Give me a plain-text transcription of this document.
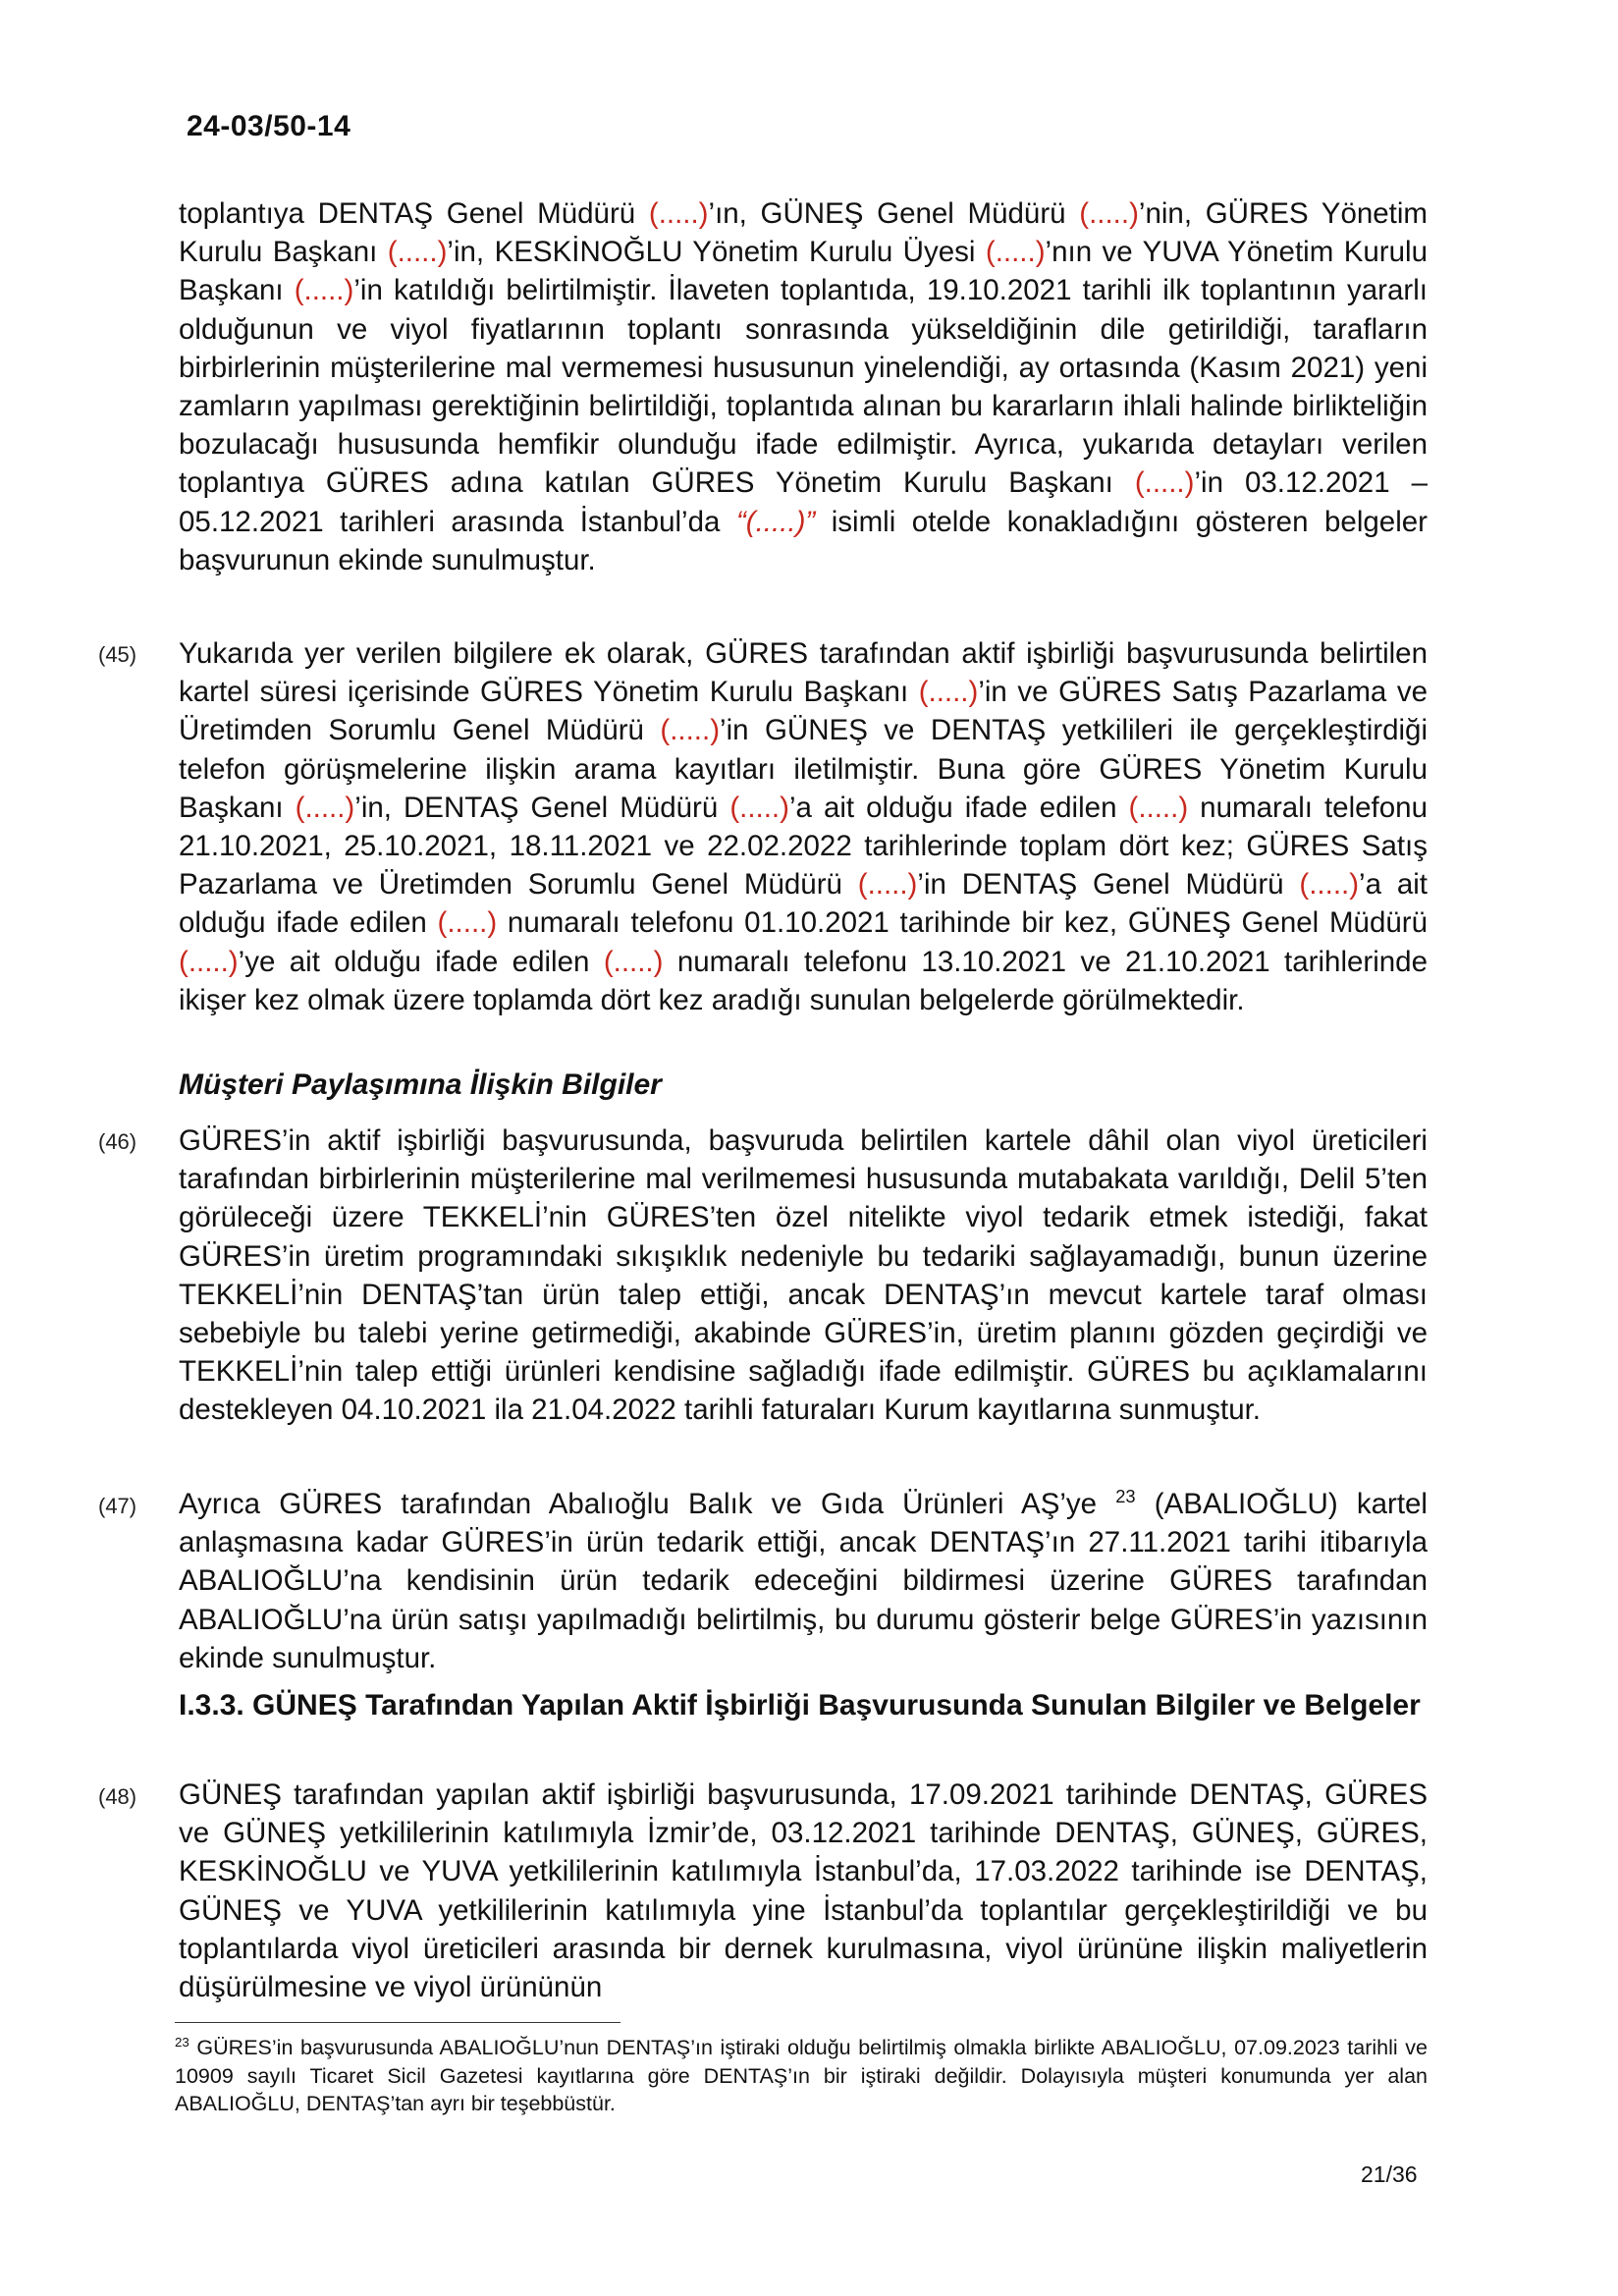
24-03/50-14
toplantıya DENTAŞ Genel Müdürü (.....)’ın, GÜNEŞ Genel Müdürü (.....)’nin, GÜRES Yönetim Kurulu Başkanı (.....)’in, KESKİNOĞLU Yönetim Kurulu Üyesi (.....)’nın ve YUVA Yönetim Kurulu Başkanı (.....)’in katıldığı belirtilmiştir. İlaveten toplantıda, 19.10.2021 tarihli ilk toplantının yararlı olduğunun ve viyol fiyatlarının toplantı sonrasında yükseldiğinin dile getirildiği, tarafların birbirlerinin müşterilerine mal vermemesi hususunun yinelendiği, ay ortasında (Kasım 2021) yeni zamların yapılması gerektiğinin belirtildiği, toplantıda alınan bu kararların ihlali halinde birlikteliğin bozulacağı hususunda hemfikir olunduğu ifade edilmiştir. Ayrıca, yukarıda detayları verilen toplantıya GÜRES adına katılan GÜRES Yönetim Kurulu Başkanı (.....)’in 03.12.2021 – 05.12.2021 tarihleri arasında İstanbul’da “(.....)” isimli otelde konakladığını gösteren belgeler başvurunun ekinde sunulmuştur.
(45) Yukarıda yer verilen bilgilere ek olarak, GÜRES tarafından aktif işbirliği başvurusunda belirtilen kartel süresi içerisinde GÜRES Yönetim Kurulu Başkanı (.....)’in ve GÜRES Satış Pazarlama ve Üretimden Sorumlu Genel Müdürü (.....)’in GÜNEŞ ve DENTAŞ yetkilileri ile gerçekleştirdiği telefon görüşmelerine ilişkin arama kayıtları iletilmiştir. Buna göre GÜRES Yönetim Kurulu Başkanı (.....)’in, DENTAŞ Genel Müdürü (.....)’a ait olduğu ifade edilen (.....) numaralı telefonu 21.10.2021, 25.10.2021, 18.11.2021 ve 22.02.2022 tarihlerinde toplam dört kez; GÜRES Satış Pazarlama ve Üretimden Sorumlu Genel Müdürü (.....)’in DENTAŞ Genel Müdürü (.....)’a ait olduğu ifade edilen (.....) numaralı telefonu 01.10.2021 tarihinde bir kez, GÜNEŞ Genel Müdürü (.....)’ye ait olduğu ifade edilen (.....) numaralı telefonu 13.10.2021 ve 21.10.2021 tarihlerinde ikişer kez olmak üzere toplamda dört kez aradığı sunulan belgelerde görülmektedir.
Müşteri Paylaşımına İlişkin Bilgiler
(46) GÜRES’in aktif işbirliği başvurusunda, başvuruda belirtilen kartele dâhil olan viyol üreticileri tarafından birbirlerinin müşterilerine mal verilmemesi hususunda mutabakata varıldığı, Delil 5’ten görüleceği üzere TEKKELİ’nin GÜRES’ten özel nitelikte viyol tedarik etmek istediği, fakat GÜRES’in üretim programındaki sıkışıklık nedeniyle bu tedariki sağlayamadığı, bunun üzerine TEKKELİ’nin DENTAŞ’tan ürün talep ettiği, ancak DENTAŞ’ın mevcut kartele taraf olması sebebiyle bu talebi yerine getirmediği, akabinde GÜRES’in, üretim planını gözden geçirdiği ve TEKKELİ’nin talep ettiği ürünleri kendisine sağladığı ifade edilmiştir. GÜRES bu açıklamalarını destekleyen 04.10.2021 ila 21.04.2022 tarihli faturaları Kurum kayıtlarına sunmuştur.
(47) Ayrıca GÜRES tarafından Abalıoğlu Balık ve Gıda Ürünleri AŞ’ye $^{23}$ (ABALIOĞLU) kartel anlaşmasına kadar GÜRES’in ürün tedarik ettiği, ancak DENTAŞ’ın 27.11.2021 tarihi itibarıyla ABALIOĞLU’na kendisinin ürün tedarik edeceğini bildirmesi üzerine GÜRES tarafından ABALIOĞLU’na ürün satışı yapılmadığı belirtilmiş, bu durumu gösterir belge GÜRES’in yazısının ekinde sunulmuştur.
I.3.3. GÜNEŞ Tarafından Yapılan Aktif İşbirliği Başvurusunda Sunulan Bilgiler ve Belgeler
(48) GÜNEŞ tarafından yapılan aktif işbirliği başvurusunda, 17.09.2021 tarihinde DENTAŞ, GÜRES ve GÜNEŞ yetkililerinin katılımıyla İzmir’de, 03.12.2021 tarihinde DENTAŞ, GÜNEŞ, GÜRES, KESKİNOĞLU ve YUVA yetkililerinin katılımıyla İstanbul’da, 17.03.2022 tarihinde ise DENTAŞ, GÜNEŞ ve YUVA yetkililerinin katılımıyla yine İstanbul’da toplantılar gerçekleştirildiği ve bu toplantılarda viyol üreticileri arasında bir dernek kurulmasına, viyol ürününe ilişkin maliyetlerin düşürülmesine ve viyol ürününün
$^{23}$ GÜRES’in başvurusunda ABALIOĞLU’nun DENTAŞ’ın iştiraki olduğu belirtilmiş olmakla birlikte ABALIOĞLU, 07.09.2023 tarihli ve 10909 sayılı Ticaret Sicil Gazetesi kayıtlarına göre DENTAŞ’ın bir iştiraki değildir. Dolayısıyla müşteri konumunda yer alan ABALIOĞLU, DENTAŞ’tan ayrı bir teşebbüstür.
21/36
